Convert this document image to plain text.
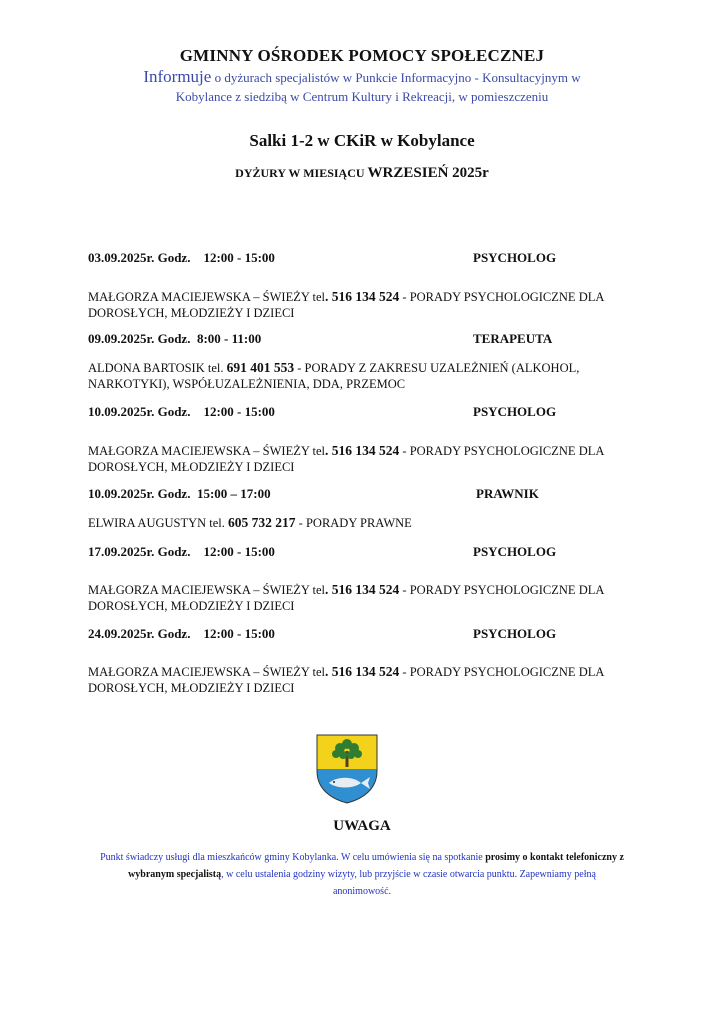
GMINNY OŚRODEK POMOCY SPOŁECZNEJ
Informuje o dyżurach specjalistów w Punkcie Informacyjno - Konsultacyjnym w
Kobylance z siedzibą w Centrum Kultury i Rekreacji, w pomieszczeniu
Salki 1-2 w CKiR w Kobylance
DYŻURY W MIESIĄCU WRZESIEŃ 2025r
03.09.2025r. Godz.    12:00 - 15:00	PSYCHOLOG
MAŁGORZA MACIEJEWSKA – ŚWIEŻY tel. 516 134 524 - PORADY PSYCHOLOGICZNE DLA DOROSŁYCH, MŁODZIEŻY I DZIECI
09.09.2025r. Godz.  8:00 - 11:00	TERAPEUTA
ALDONA BARTOSIK tel. 691 401 553 - PORADY Z ZAKRESU UZALEŻNIEŃ (ALKOHOL, NARKOTYKI), WSPÓŁUZALEŻNIENIA, DDA, PRZEMOC
10.09.2025r. Godz.    12:00 - 15:00	PSYCHOLOG
MAŁGORZA MACIEJEWSKA – ŚWIEŻY tel. 516 134 524 - PORADY PSYCHOLOGICZNE DLA DOROSŁYCH, MŁODZIEŻY I DZIECI
10.09.2025r. Godz.  15:00 – 17:00	PRAWNIK
ELWIRA AUGUSTYN tel. 605 732 217 - PORADY PRAWNE
17.09.2025r. Godz.    12:00 - 15:00	PSYCHOLOG
MAŁGORZA MACIEJEWSKA – ŚWIEŻY tel. 516 134 524 - PORADY PSYCHOLOGICZNE DLA DOROSŁYCH, MŁODZIEŻY I DZIECI
24.09.2025r. Godz.    12:00 - 15:00	PSYCHOLOG
MAŁGORZA MACIEJEWSKA – ŚWIEŻY tel. 516 134 524 - PORADY PSYCHOLOGICZNE DLA DOROSŁYCH, MŁODZIEŻY I DZIECI
UWAGA
Punkt świadczy usługi dla mieszkańców gminy Kobylanka. W celu umówienia się na spotkanie prosimy o kontakt telefoniczny z wybranym specjalistą, w celu ustalenia godziny wizyty, lub przyjście w czasie otwarcia punktu. Zapewniamy pełną anonimowość.
